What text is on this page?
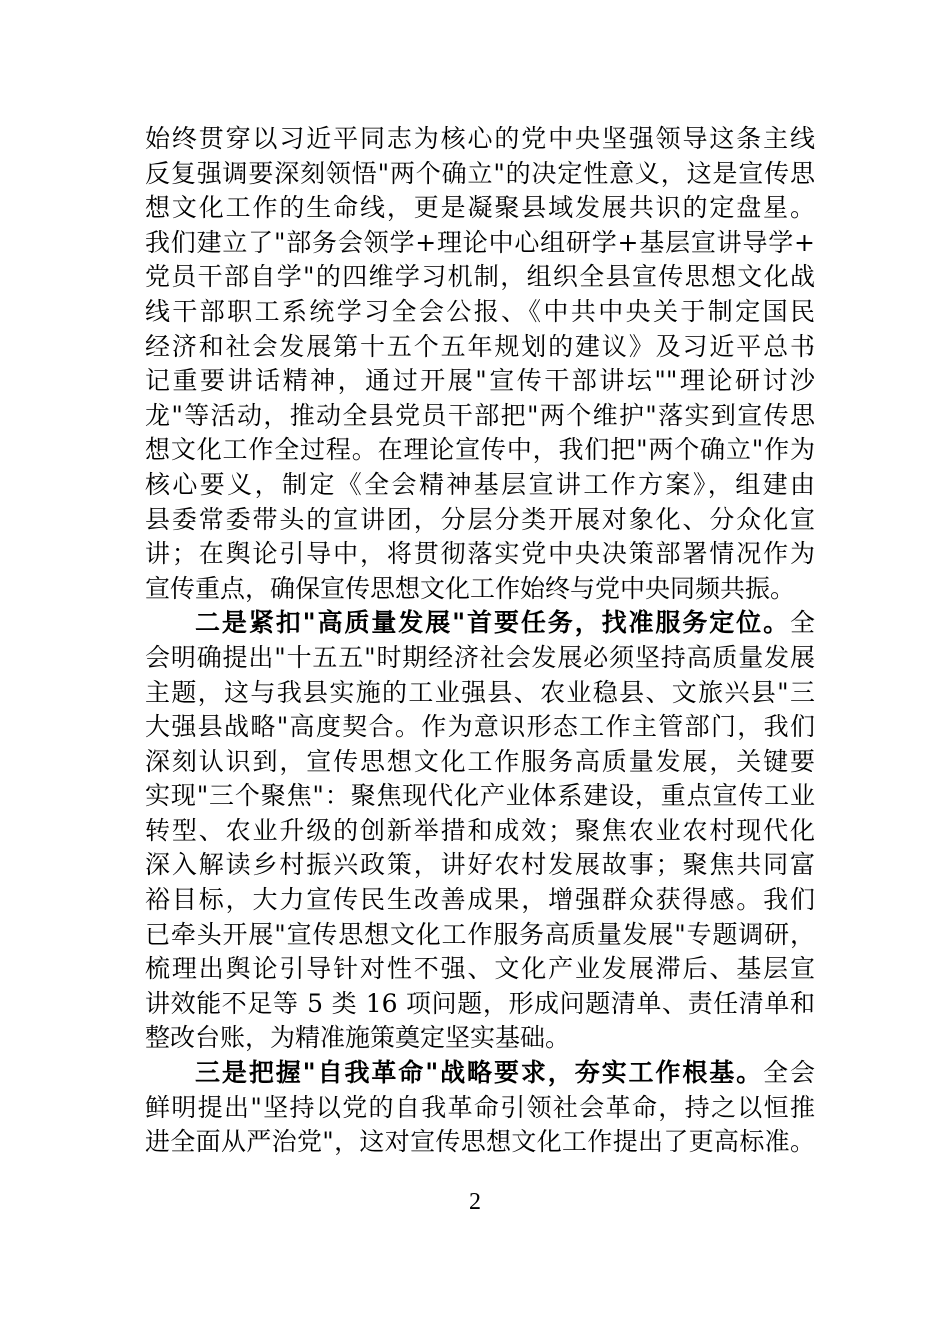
始终贯穿以习近平同志为核心的党中央坚强领导这条主线
反复强调要深刻领悟"两个确立"的决定性意义，这是宣传思
想文化工作的生命线，更是凝聚县域发展共识的定盘星。
我们建立了"部务会领学+理论中心组研学+基层宣讲导学+
党员干部自学"的四维学习机制，组织全县宣传思想文化战
线干部职工系统学习全会公报、《中共中央关于制定国民
经济和社会发展第十五个五年规划的建议》及习近平总书
记重要讲话精神，通过开展"宣传干部讲坛""理论研讨沙
龙"等活动，推动全县党员干部把"两个维护"落实到宣传思
想文化工作全过程。在理论宣传中，我们把"两个确立"作为
核心要义，制定《全会精神基层宣讲工作方案》，组建由
县委常委带头的宣讲团，分层分类开展对象化、分众化宣
讲；在舆论引导中，将贯彻落实党中央决策部署情况作为
宣传重点，确保宣传思想文化工作始终与党中央同频共振。
二是紧扣"高质量发展"首要任务，找准服务定位。全
会明确提出"十五五"时期经济社会发展必须坚持高质量发展
主题，这与我县实施的工业强县、农业稳县、文旅兴县"三
大强县战略"高度契合。作为意识形态工作主管部门，我们
深刻认识到，宣传思想文化工作服务高质量发展，关键要
实现"三个聚焦"：聚焦现代化产业体系建设，重点宣传工业
转型、农业升级的创新举措和成效；聚焦农业农村现代化
深入解读乡村振兴政策，讲好农村发展故事；聚焦共同富
裕目标，大力宣传民生改善成果，增强群众获得感。我们
已牵头开展"宣传思想文化工作服务高质量发展"专题调研，
梳理出舆论引导针对性不强、文化产业发展滞后、基层宣
讲效能不足等 5 类 16 项问题，形成问题清单、责任清单和
整改台账，为精准施策奠定坚实基础。
三是把握"自我革命"战略要求，夯实工作根基。全会
鲜明提出"坚持以党的自我革命引领社会革命，持之以恒推
进全面从严治党"，这对宣传思想文化工作提出了更高标准。
2
